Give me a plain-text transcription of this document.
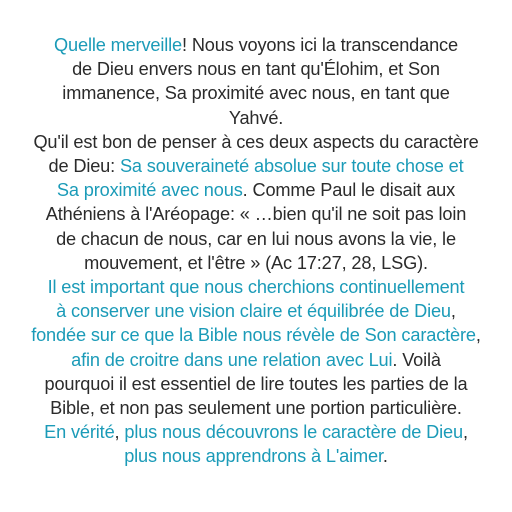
Quelle merveille! Nous voyons ici la transcendance
de Dieu envers nous en tant qu'Élohim, et Son
immanence, Sa proximité avec nous, en tant que
Yahvé.
Qu'il est bon de penser à ces deux aspects du caractère
de Dieu: Sa souveraineté absolue sur toute chose et
Sa proximité avec nous. Comme Paul le disait aux
Athéniens à l'Aréopage: « …bien qu'il ne soit pas loin
de chacun de nous, car en lui nous avons la vie, le
mouvement, et l'être » (Ac 17:27, 28, LSG).
Il est important que nous cherchions continuellement
à conserver une vision claire et équilibrée de Dieu,
fondée sur ce que la Bible nous révèle de Son caractère,
afin de croitre dans une relation avec Lui. Voilà
pourquoi il est essentiel de lire toutes les parties de la
Bible, et non pas seulement une portion particulière.
En vérité, plus nous découvrons le caractère de Dieu,
plus nous apprendrons à L'aimer.
